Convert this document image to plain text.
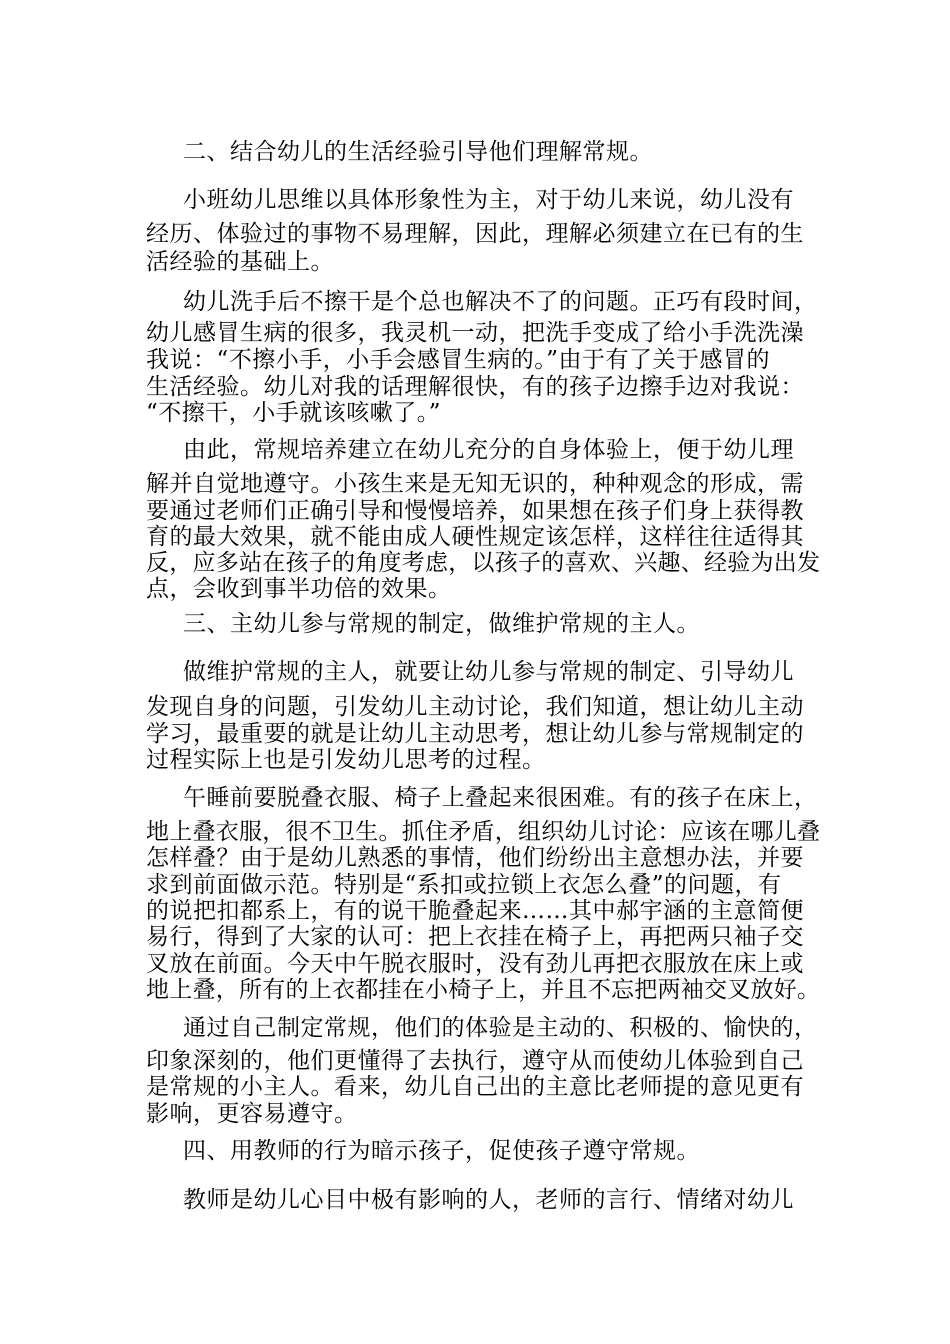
二、结合幼儿的生活经验引导他们理解常规。

小班幼儿思维以具体形象性为主，对于幼儿来说，幼儿没有

经历、体验过的事物不易理解，因此，理解必须建立在已有的生

活经验的基础上。

幼儿洗手后不擦干是个总也解决不了的问题。正巧有段时间，

幼儿感冒生病的很多，我灵机一动，把洗手变成了给小手洗洗澡

我说：“不擦小手，小手会感冒生病的。”由于有了关于感冒的

生活经验。幼儿对我的话理解很快，有的孩子边擦手边对我说：

“不擦干，小手就该咳嗽了。”

由此，常规培养建立在幼儿充分的自身体验上，便于幼儿理

解并自觉地遵守。小孩生来是无知无识的，种种观念的形成，需

要通过老师们正确引导和慢慢培养，如果想在孩子们身上获得教

育的最大效果，就不能由成人硬性规定该怎样，这样往往适得其

反，应多站在孩子的角度考虑，以孩子的喜欢、兴趣、经验为出发

点，会收到事半功倍的效果。

三、主幼儿参与常规的制定，做维护常规的主人。

做维护常规的主人，就要让幼儿参与常规的制定、引导幼儿

发现自身的问题，引发幼儿主动讨论，我们知道，想让幼儿主动

学习，最重要的就是让幼儿主动思考，想让幼儿参与常规制定的

过程实际上也是引发幼儿思考的过程。

午睡前要脱叠衣服、椅子上叠起来很困难。有的孩子在床上，

地上叠衣服，很不卫生。抓住矛盾，组织幼儿讨论：应该在哪儿叠

怎样叠？由于是幼儿熟悉的事情，他们纷纷出主意想办法，并要

求到前面做示范。特别是“系扣或拉锁上衣怎么叠”的问题，有

的说把扣都系上，有的说干脆叠起来……其中郝宇涵的主意简便

易行，得到了大家的认可：把上衣挂在椅子上，再把两只袖子交

叉放在前面。今天中午脱衣服时，没有劲儿再把衣服放在床上或

地上叠，所有的上衣都挂在小椅子上，并且不忘把两袖交叉放好。

通过自己制定常规，他们的体验是主动的、积极的、愉快的，

印象深刻的，他们更懂得了去执行，遵守从而使幼儿体验到自己

是常规的小主人。看来，幼儿自己出的主意比老师提的意见更有

影响，更容易遵守。

四、用教师的行为暗示孩子，促使孩子遵守常规。

教师是幼儿心目中极有影响的人，老师的言行、情绪对幼儿
